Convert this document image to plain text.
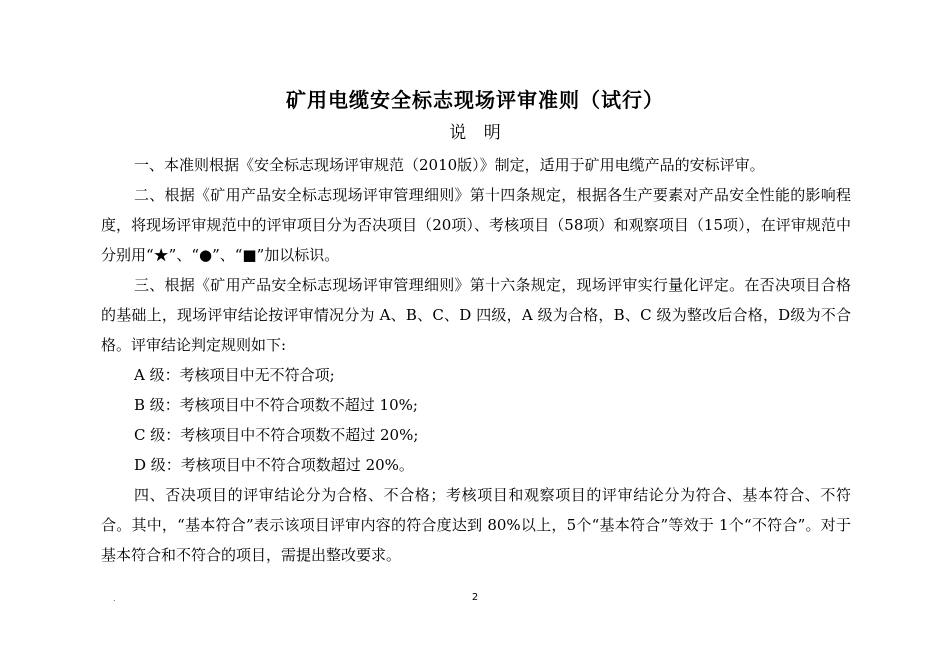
矿用电缆安全标志现场评审准则（试行）
说 明

一、本准则根据《安全标志现场评审规范（2010版）》制定，适用于矿用电缆产品的安标评审。

二、根据《矿用产品安全标志现场评审管理细则》第十四条规定，根据各生产要素对产品安全性能的影响程度，将现场评审规范中的评审项目分为否决项目（20项）、考核项目（58项）和观察项目（15项），在评审规范中分别用“★”、“●”、“■”加以标识。

三、根据《矿用产品安全标志现场评审管理细则》第十六条规定，现场评审实行量化评定。在否决项目合格的基础上，现场评审结论按评审情况分为 A、B、C、D 四级，A 级为合格，B、C 级为整改后合格，D级为不合格。评审结论判定规则如下:

A 级：考核项目中无不符合项;

B 级：考核项目中不符合项数不超过 10%;

C 级：考核项目中不符合项数不超过 20%;

D 级：考核项目中不符合项数超过 20%。

四、否决项目的评审结论分为合格、不合格；考核项目和观察项目的评审结论分为符合、基本符合、不符合。其中，“基本符合”表示该项目评审内容的符合度达到 80%以上，5个“基本符合”等效于 1个“不符合”。对于基本符合和不符合的项目，需提出整改要求。

.	2
